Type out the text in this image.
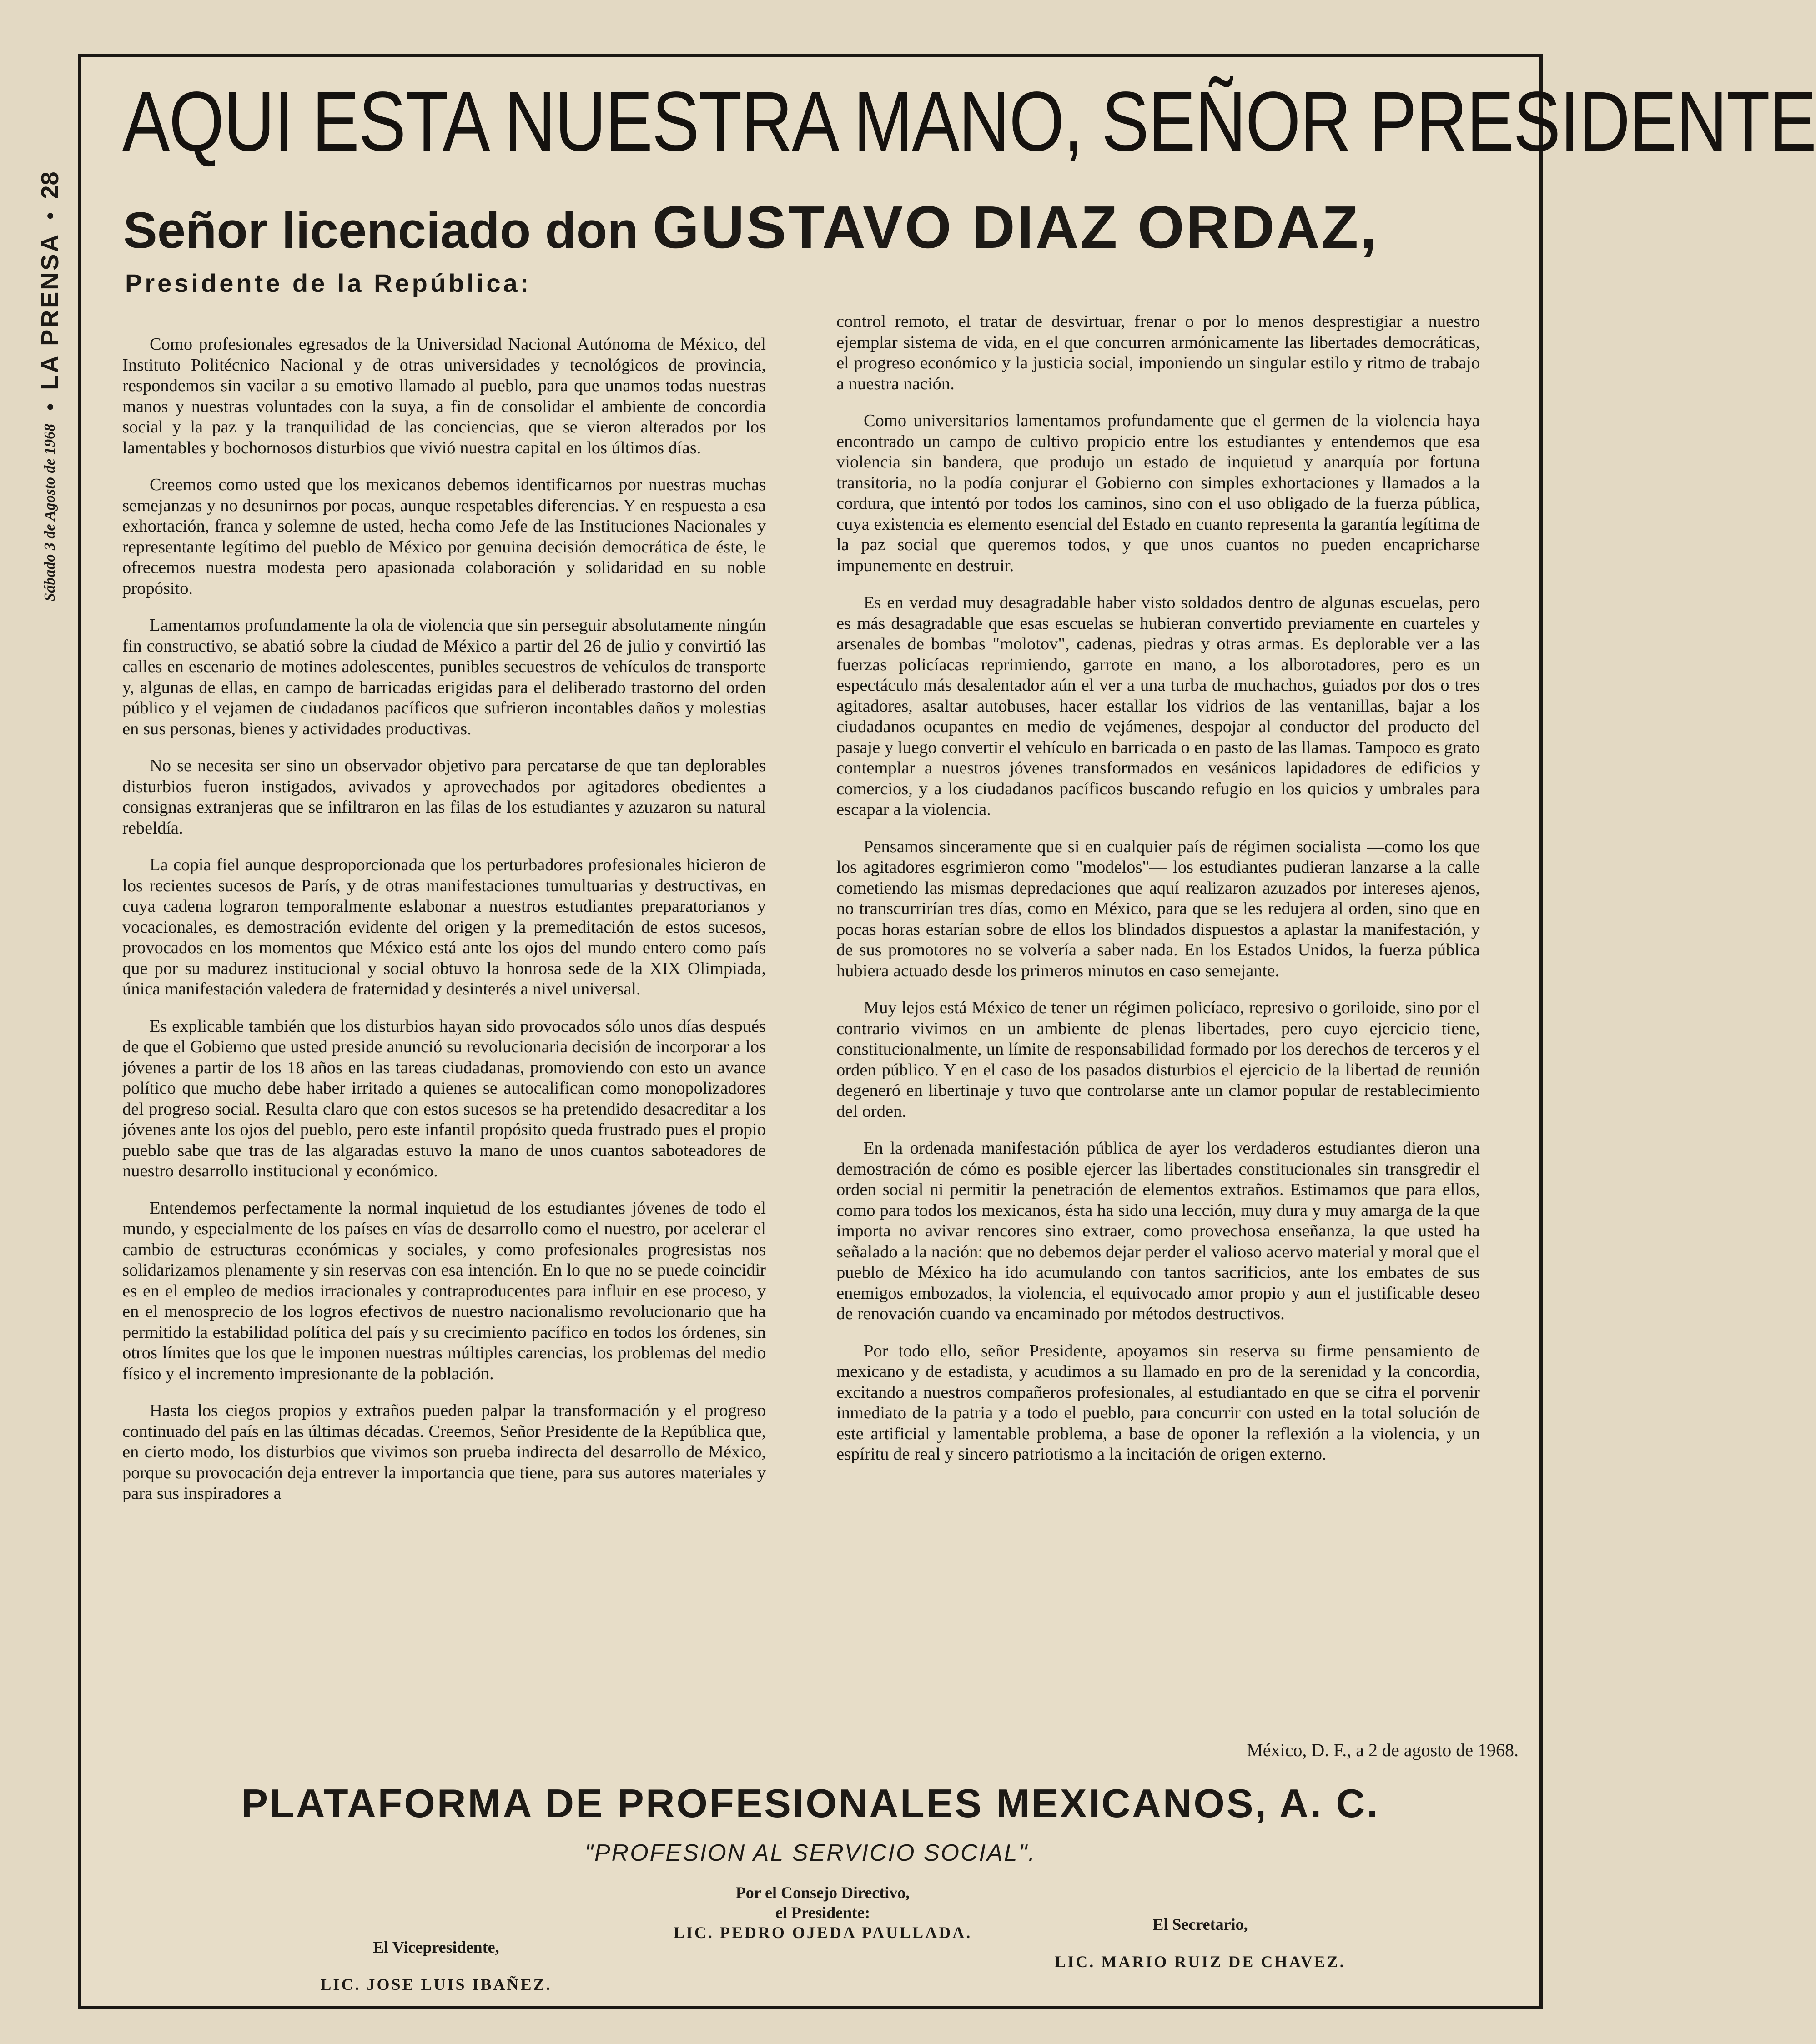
Sábado 3 de Agosto de 1968
●
LA PRENSA
●
28
AQUI ESTA NUESTRA MANO, SEÑOR PRESIDENTE
Señor licenciado don GUSTAVO DIAZ ORDAZ,
Presidente de la República:

Como profesionales egresados de la Universidad Nacional Autónoma de México, del Instituto Politécnico Nacional y de otras universidades y tecnológicos de provincia, respondemos sin vacilar a su emotivo llamado al pueblo, para que unamos todas nuestras manos y nuestras voluntades con la suya, a fin de consolidar el ambiente de concordia social y la paz y la tranquilidad de las conciencias, que se vieron alterados por los lamentables y bochornosos disturbios que vivió nuestra capital en los últimos días.

Creemos como usted que los mexicanos debemos identificarnos por nuestras muchas semejanzas y no desunirnos por pocas, aunque respetables diferencias. Y en respuesta a esa exhortación, franca y solemne de usted, hecha como Jefe de las Instituciones Nacionales y representante legítimo del pueblo de México por genuina decisión democrática de éste, le ofrecemos nuestra modesta pero apasionada colaboración y solidaridad en su noble propósito.

Lamentamos profundamente la ola de violencia que sin perseguir absolutamente ningún fin constructivo, se abatió sobre la ciudad de México a partir del 26 de julio y convirtió las calles en escenario de motines adolescentes, punibles secuestros de vehículos de transporte y, algunas de ellas, en campo de barricadas erigidas para el deliberado trastorno del orden público y el vejamen de ciudadanos pacíficos que sufrieron incontables daños y molestias en sus personas, bienes y actividades productivas.

No se necesita ser sino un observador objetivo para percatarse de que tan deplorables disturbios fueron instigados, avivados y aprovechados por agitadores obedientes a consignas extranjeras que se infiltraron en las filas de los estudiantes y azuzaron su natural rebeldía.

La copia fiel aunque desproporcionada que los perturbadores profesionales hicieron de los recientes sucesos de París, y de otras manifestaciones tumultuarias y destructivas, en cuya cadena lograron temporalmente eslabonar a nuestros estudiantes preparatorianos y vocacionales, es demostración evidente del origen y la premeditación de estos sucesos, provocados en los momentos que México está ante los ojos del mundo entero como país que por su madurez institucional y social obtuvo la honrosa sede de la XIX Olimpiada, única manifestación valedera de fraternidad y desinterés a nivel universal.

Es explicable también que los disturbios hayan sido provocados sólo unos días después de que el Gobierno que usted preside anunció su revolucionaria decisión de incorporar a los jóvenes a partir de los 18 años en las tareas ciudadanas, promoviendo con esto un avance político que mucho debe haber irritado a quienes se autocalifican como monopolizadores del progreso social. Resulta claro que con estos sucesos se ha pretendido desacreditar a los jóvenes ante los ojos del pueblo, pero este infantil propósito queda frustrado pues el propio pueblo sabe que tras de las algaradas estuvo la mano de unos cuantos saboteadores de nuestro desarrollo institucional y económico.

Entendemos perfectamente la normal inquietud de los estudiantes jóvenes de todo el mundo, y especialmente de los países en vías de desarrollo como el nuestro, por acelerar el cambio de estructuras económicas y sociales, y como profesionales progresistas nos solidarizamos plenamente y sin reservas con esa intención. En lo que no se puede coincidir es en el empleo de medios irracionales y contraproducentes para influir en ese proceso, y en el menosprecio de los logros efectivos de nuestro nacionalismo revolucionario que ha permitido la estabilidad política del país y su crecimiento pacífico en todos los órdenes, sin otros límites que los que le imponen nuestras múltiples carencias, los problemas del medio físico y el incremento impresionante de la población.

Hasta los ciegos propios y extraños pueden palpar la transformación y el progreso continuado del país en las últimas décadas. Creemos, Señor Presidente de la República que, en cierto modo, los disturbios que vivimos son prueba indirecta del desarrollo de México, porque su provocación deja entrever la importancia que tiene, para sus autores materiales y para sus inspiradores a

control remoto, el tratar de desvirtuar, frenar o por lo menos desprestigiar a nuestro ejemplar sistema de vida, en el que concurren armónicamente las libertades democráticas, el progreso económico y la justicia social, imponiendo un singular estilo y ritmo de trabajo a nuestra nación.

Como universitarios lamentamos profundamente que el germen de la violencia haya encontrado un campo de cultivo propicio entre los estudiantes y entendemos que esa violencia sin bandera, que produjo un estado de inquietud y anarquía por fortuna transitoria, no la podía conjurar el Gobierno con simples exhortaciones y llamados a la cordura, que intentó por todos los caminos, sino con el uso obligado de la fuerza pública, cuya existencia es elemento esencial del Estado en cuanto representa la garantía legítima de la paz social que queremos todos, y que unos cuantos no pueden encapricharse impunemente en destruir.

Es en verdad muy desagradable haber visto soldados dentro de algunas escuelas, pero es más desagradable que esas escuelas se hubieran convertido previamente en cuarteles y arsenales de bombas "molotov", cadenas, piedras y otras armas. Es deplorable ver a las fuerzas policíacas reprimiendo, garrote en mano, a los alborotadores, pero es un espectáculo más desalentador aún el ver a una turba de muchachos, guiados por dos o tres agitadores, asaltar autobuses, hacer estallar los vidrios de las ventanillas, bajar a los ciudadanos ocupantes en medio de vejámenes, despojar al conductor del producto del pasaje y luego convertir el vehículo en barricada o en pasto de las llamas. Tampoco es grato contemplar a nuestros jóvenes transformados en vesánicos lapidadores de edificios y comercios, y a los ciudadanos pacíficos buscando refugio en los quicios y umbrales para escapar a la violencia.

Pensamos sinceramente que si en cualquier país de régimen socialista —como los que los agitadores esgrimieron como "modelos"— los estudiantes pudieran lanzarse a la calle cometiendo las mismas depredaciones que aquí realizaron azuzados por intereses ajenos, no transcurrirían tres días, como en México, para que se les redujera al orden, sino que en pocas horas estarían sobre de ellos los blindados dispuestos a aplastar la manifestación, y de sus promotores no se volvería a saber nada. En los Estados Unidos, la fuerza pública hubiera actuado desde los primeros minutos en caso semejante.

Muy lejos está México de tener un régimen policíaco, represivo o goriloide, sino por el contrario vivimos en un ambiente de plenas libertades, pero cuyo ejercicio tiene, constitucionalmente, un límite de responsabilidad formado por los derechos de terceros y el orden público. Y en el caso de los pasados disturbios el ejercicio de la libertad de reunión degeneró en libertinaje y tuvo que controlarse ante un clamor popular de restablecimiento del orden.

En la ordenada manifestación pública de ayer los verdaderos estudiantes dieron una demostración de cómo es posible ejercer las libertades constitucionales sin transgredir el orden social ni permitir la penetración de elementos extraños. Estimamos que para ellos, como para todos los mexicanos, ésta ha sido una lección, muy dura y muy amarga de la que importa no avivar rencores sino extraer, como provechosa enseñanza, la que usted ha señalado a la nación: que no debemos dejar perder el valioso acervo material y moral que el pueblo de México ha ido acumulando con tantos sacrificios, ante los embates de sus enemigos embozados, la violencia, el equivocado amor propio y aun el justificable deseo de renovación cuando va encaminado por métodos destructivos.

Por todo ello, señor Presidente, apoyamos sin reserva su firme pensamiento de mexicano y de estadista, y acudimos a su llamado en pro de la serenidad y la concordia, excitando a nuestros compañeros profesionales, al estudiantado en que se cifra el porvenir inmediato de la patria y a todo el pueblo, para concurrir con usted en la total solución de este artificial y lamentable problema, a base de oponer la reflexión a la violencia, y un espíritu de real y sincero patriotismo a la incitación de origen externo.

México, D. F., a 2 de agosto de 1968.
PLATAFORMA DE PROFESIONALES MEXICANOS, A. C.
"PROFESION AL SERVICIO SOCIAL".
Por el Consejo Directivo,
el Presidente:
LIC. PEDRO OJEDA PAULLADA.
El Vicepresidente,
LIC. JOSE LUIS IBAÑEZ.
El Secretario,
LIC. MARIO RUIZ DE CHAVEZ.
